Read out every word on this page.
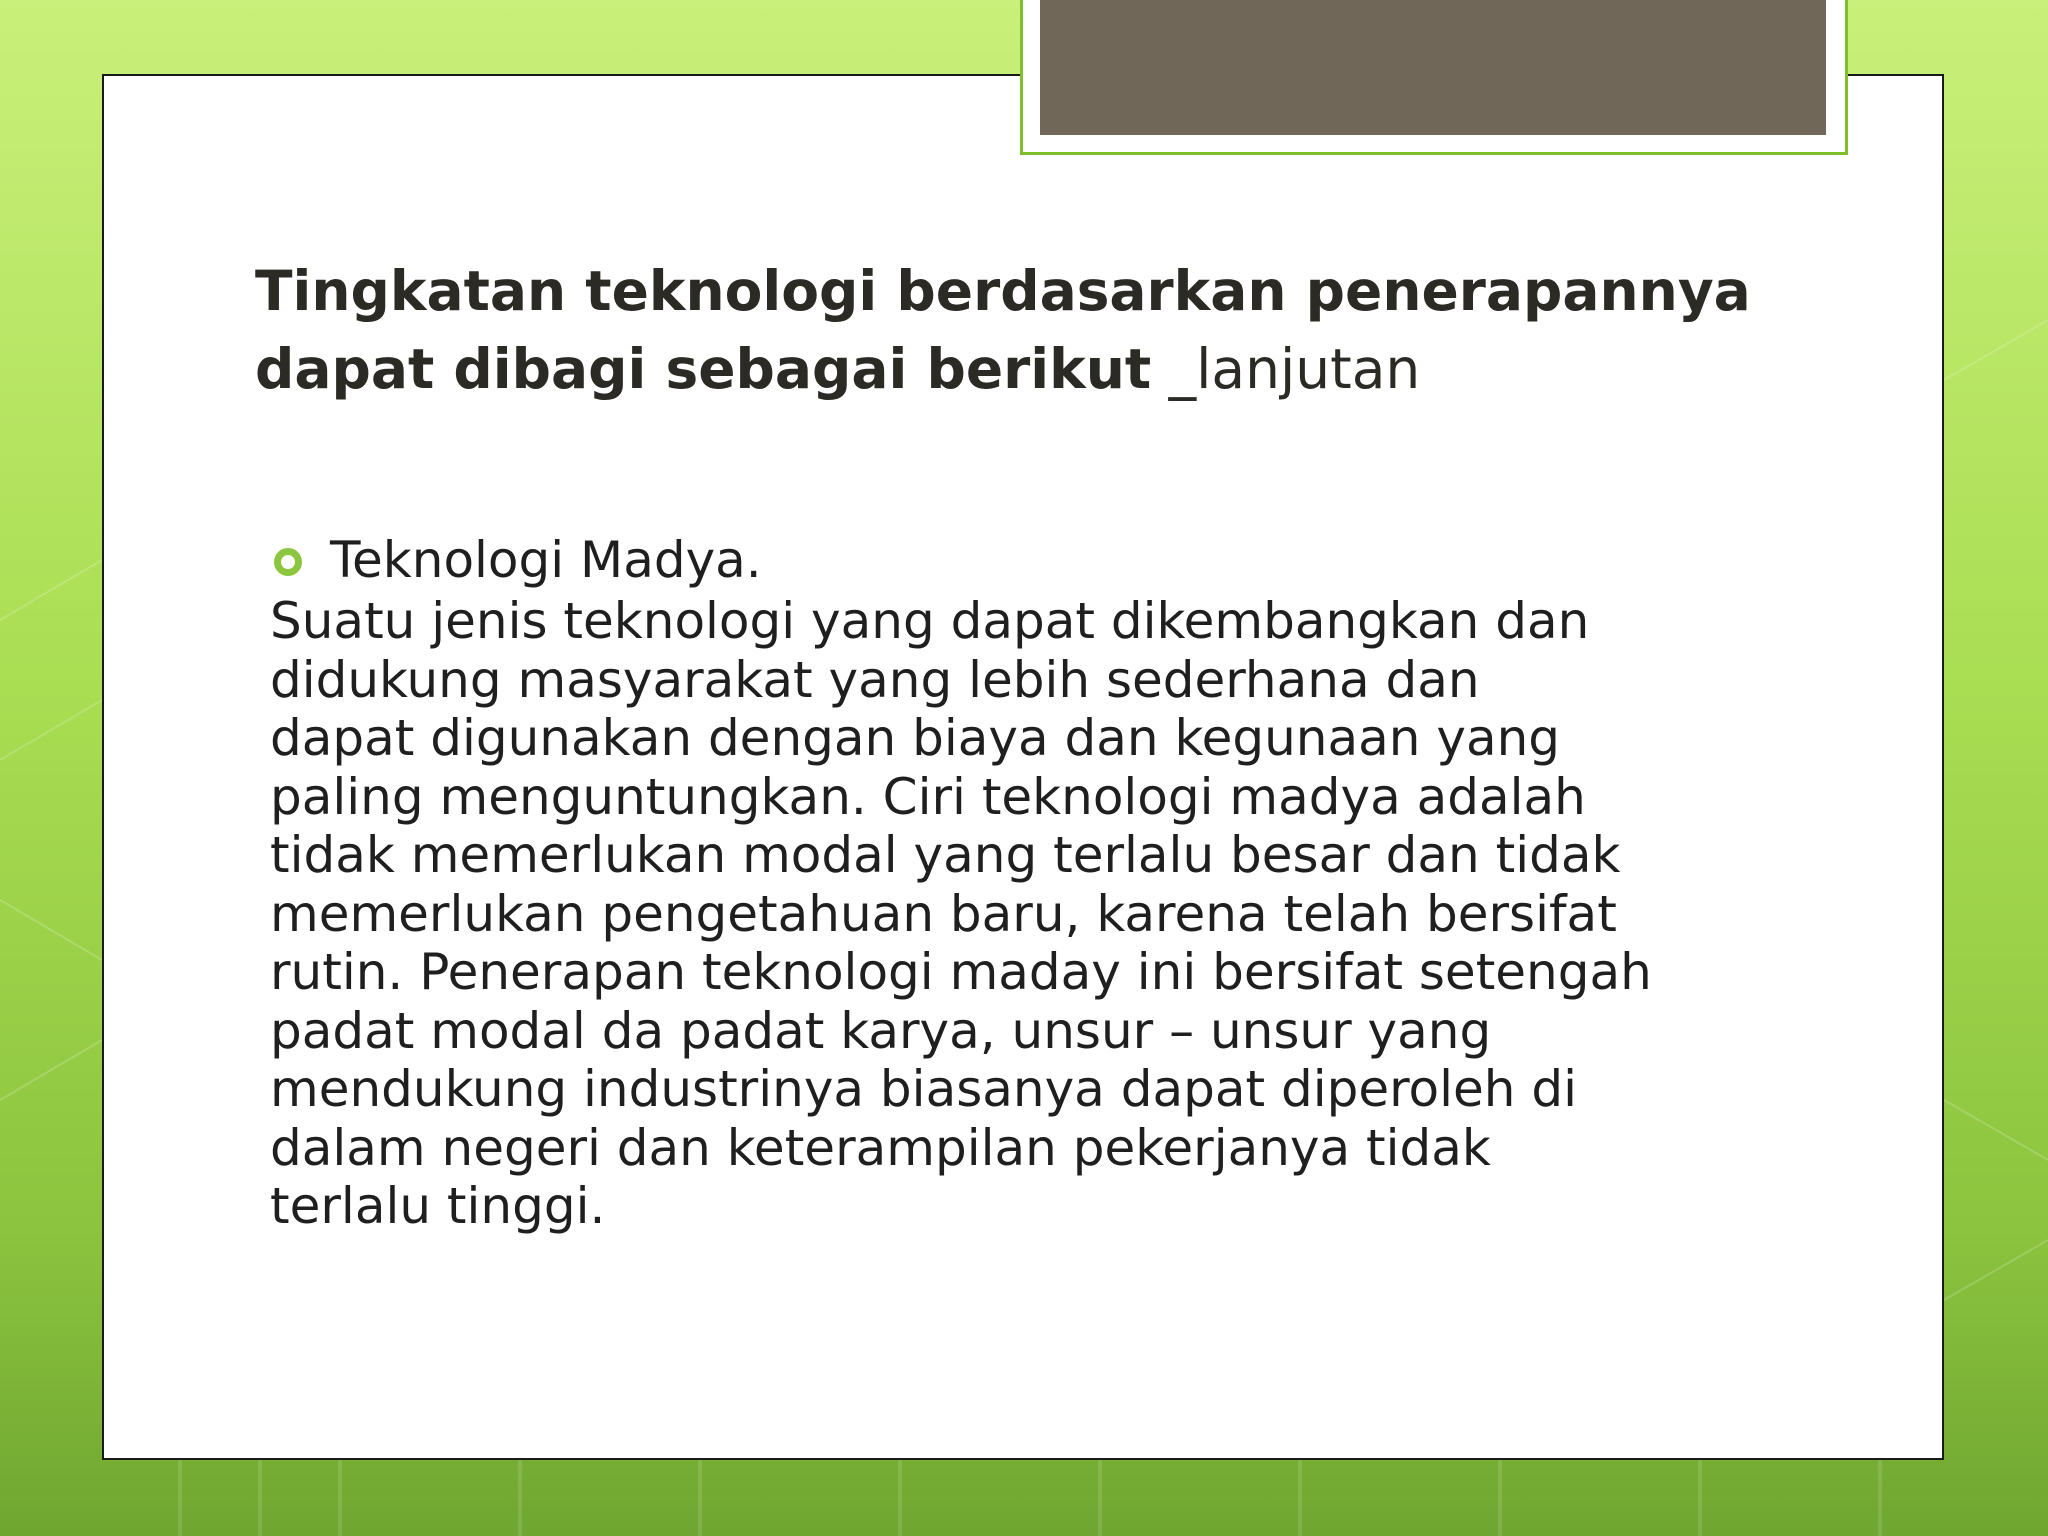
Tingkatan teknologi berdasarkan penerapannya dapat dibagi sebagai berikut _lanjutan
Teknologi Madya.

Suatu jenis teknologi yang dapat dikembangkan dan
didukung masyarakat yang lebih sederhana dan
dapat digunakan dengan biaya dan kegunaan yang
paling menguntungkan. Ciri teknologi madya adalah
tidak memerlukan modal yang terlalu besar dan tidak
memerlukan pengetahuan baru, karena telah bersifat
rutin. Penerapan teknologi maday ini bersifat setengah
padat modal da padat karya, unsur – unsur yang
mendukung industrinya biasanya dapat diperoleh di
dalam negeri dan keterampilan pekerjanya tidak
terlalu tinggi.
